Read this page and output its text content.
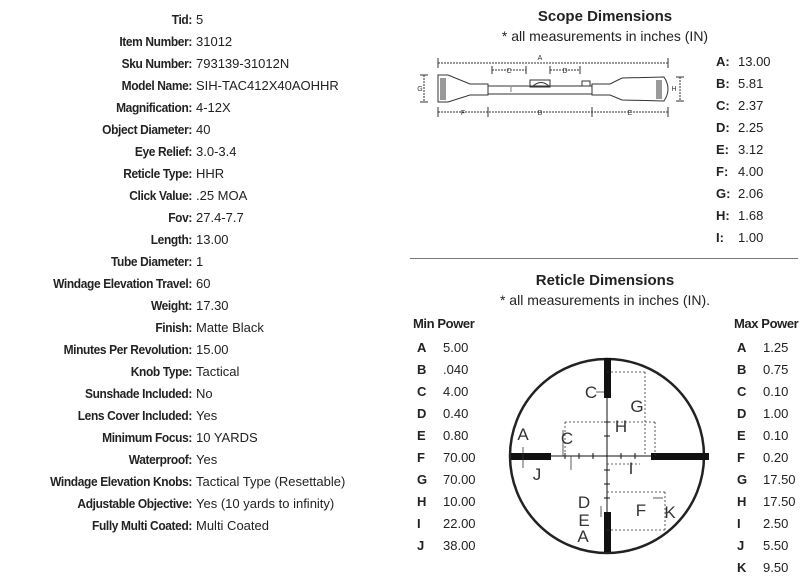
Tid: 5
Item Number: 31012
Sku Number: 793139-31012N
Model Name: SIH-TAC412X40AOHHR
Magnification: 4-12X
Object Diameter: 40
Eye Relief: 3.0-3.4
Reticle Type: HHR
Click Value: .25 MOA
Fov: 27.4-7.7
Length: 13.00
Tube Diameter: 1
Windage Elevation Travel: 60
Weight: 17.30
Finish: Matte Black
Minutes Per Revolution: 15.00
Knob Type: Tactical
Sunshade Included: No
Lens Cover Included: Yes
Minimum Focus: 10 YARDS
Waterproof: Yes
Windage Elevation Knobs: Tactical Type (Resettable)
Adjustable Objective: Yes (10 yards to infinity)
Fully Multi Coated: Multi Coated
Scope Dimensions
* all measurements in inches (IN)
A
B
C	D
E
F
G	H
I
A: 13.00
B: 5.81
C: 2.37
D: 2.25
E: 3.12
F: 4.00
G: 2.06
H: 1.68
I:	1.00
Reticle Dimensions
* all measurements in inches (IN).
Min Power	Max Power
A	5.00
B	.040
C	4.00
D	0.40
E	0.80
F	70.00
G	70.00
H	10.00
I	22.00
J	38.00
A	1.25
B	0.75
C	0.10
D	1.00
E	0.10
F	0.20
G	17.50
H	17.50
I	2.50
J	5.50
K	9.50
A
A
C
C
G
H
I
J
D
E
F K
